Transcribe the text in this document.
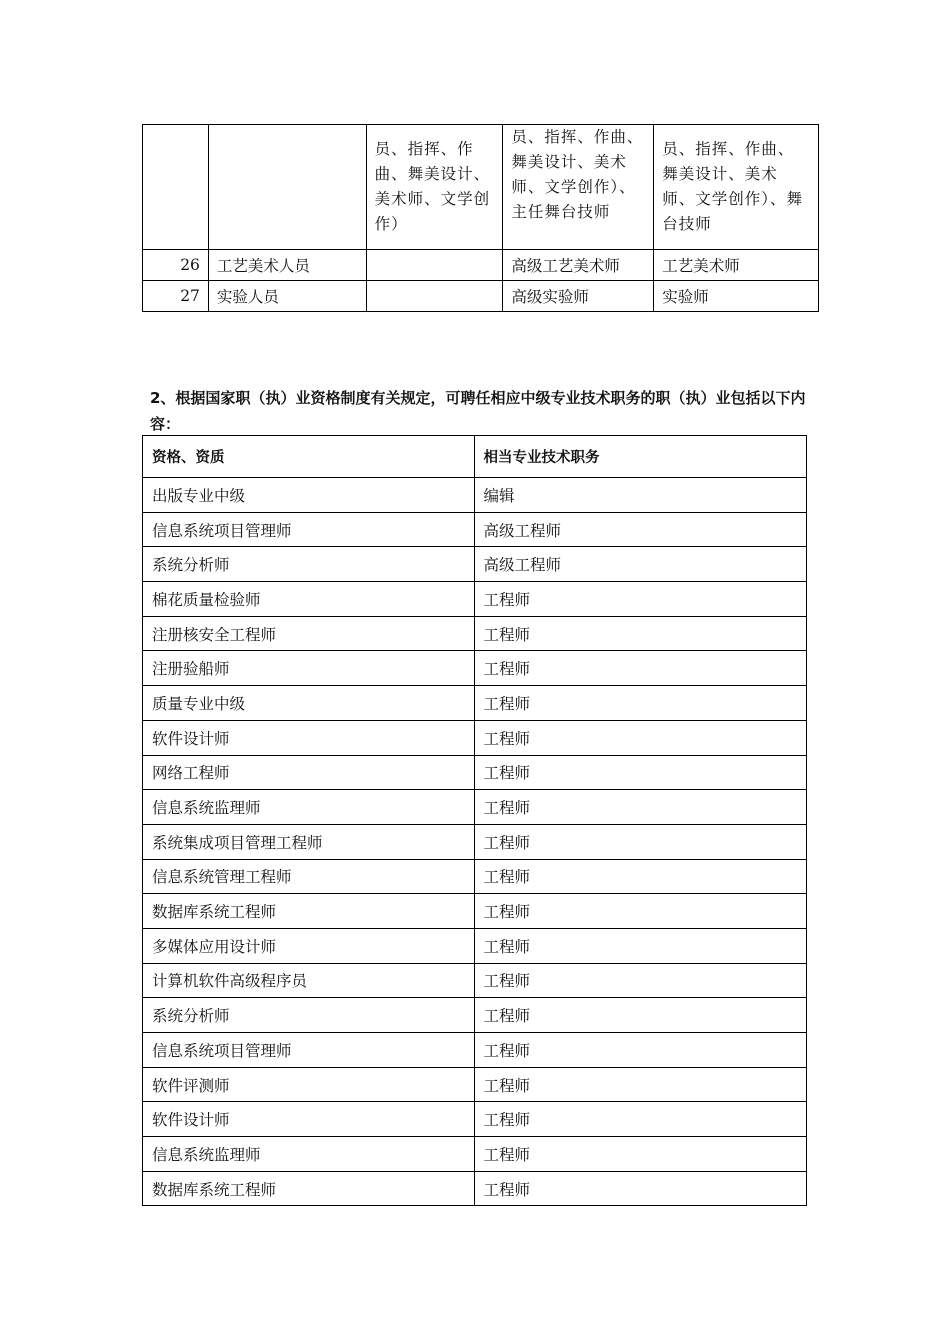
		员、指挥、作曲、舞美设计、美术师、文学创作）	员、指挥、作曲、舞美设计、美术师、文学创作）、主任舞台技师	员、指挥、作曲、舞美设计、美术师、文学创作）、舞台技师
26	工艺美术人员		高级工艺美术师	工艺美术师
27	实验人员		高级实验师	实验师
2、根据国家职（执）业资格制度有关规定，可聘任相应中级专业技术职务的职（执）业包括以下内容：
资格、资质	相当专业技术职务
出版专业中级	编辑
信息系统项目管理师	高级工程师
系统分析师	高级工程师
棉花质量检验师	工程师
注册核安全工程师	工程师
注册验船师	工程师
质量专业中级	工程师
软件设计师	工程师
网络工程师	工程师
信息系统监理师	工程师
系统集成项目管理工程师	工程师
信息系统管理工程师	工程师
数据库系统工程师	工程师
多媒体应用设计师	工程师
计算机软件高级程序员	工程师
系统分析师	工程师
信息系统项目管理师	工程师
软件评测师	工程师
软件设计师	工程师
信息系统监理师	工程师
数据库系统工程师	工程师
